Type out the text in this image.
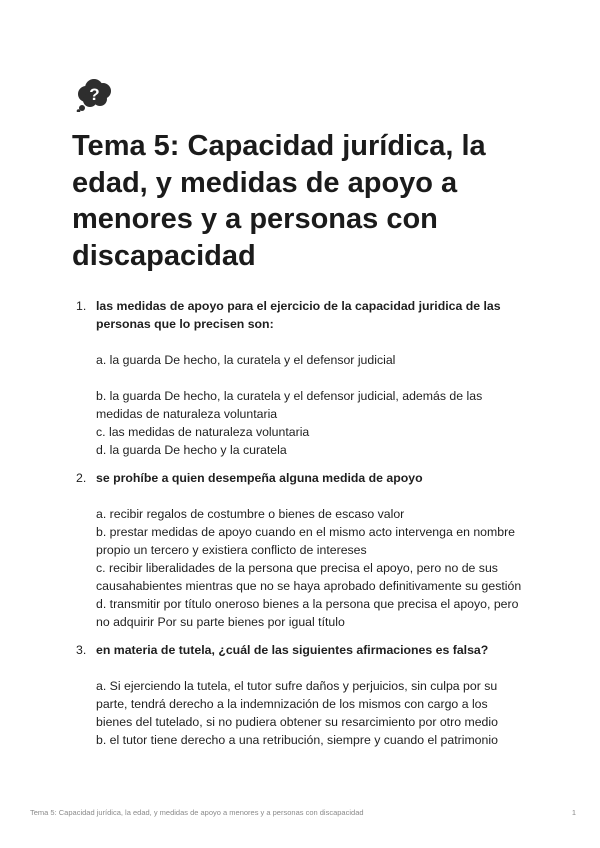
?
Tema 5: Capacidad jurídica, la edad, y medidas de apoyo a menores y a personas con discapacidad
1. las medidas de apoyo para el ejercicio de la capacidad juridica de las personas que lo precisen son:

a. la guarda De hecho, la curatela y el defensor judicial

b. la guarda De hecho, la curatela y el defensor judicial, además de las medidas de naturaleza voluntaria

c. las medidas de naturaleza voluntaria

d. la guarda De hecho y la curatela

2. se prohíbe a quien desempeña alguna medida de apoyo

a. recibir regalos de costumbre o bienes de escaso valor

b. prestar medidas de apoyo cuando en el mismo acto intervenga en nombre propio un tercero y existiera conflicto de intereses

c. recibir liberalidades de la persona que precisa el apoyo, pero no de sus causahabientes mientras que no se haya aprobado definitivamente su gestión

d. transmitir por título oneroso bienes a la persona que precisa el apoyo, pero no adquirir Por su parte bienes por igual título

3. en materia de tutela, ¿cuál de las siguientes afirmaciones es falsa?

a. Si ejerciendo la tutela, el tutor sufre daños y perjuicios, sin culpa por su parte, tendrá derecho a la indemnización de los mismos con cargo a los bienes del tutelado, si no pudiera obtener su resarcimiento por otro medio

b. el tutor tiene derecho a una retribución, siempre y cuando el patrimonio

Tema 5: Capacidad jurídica, la edad, y medidas de apoyo a menores y a personas con discapacidad	1
